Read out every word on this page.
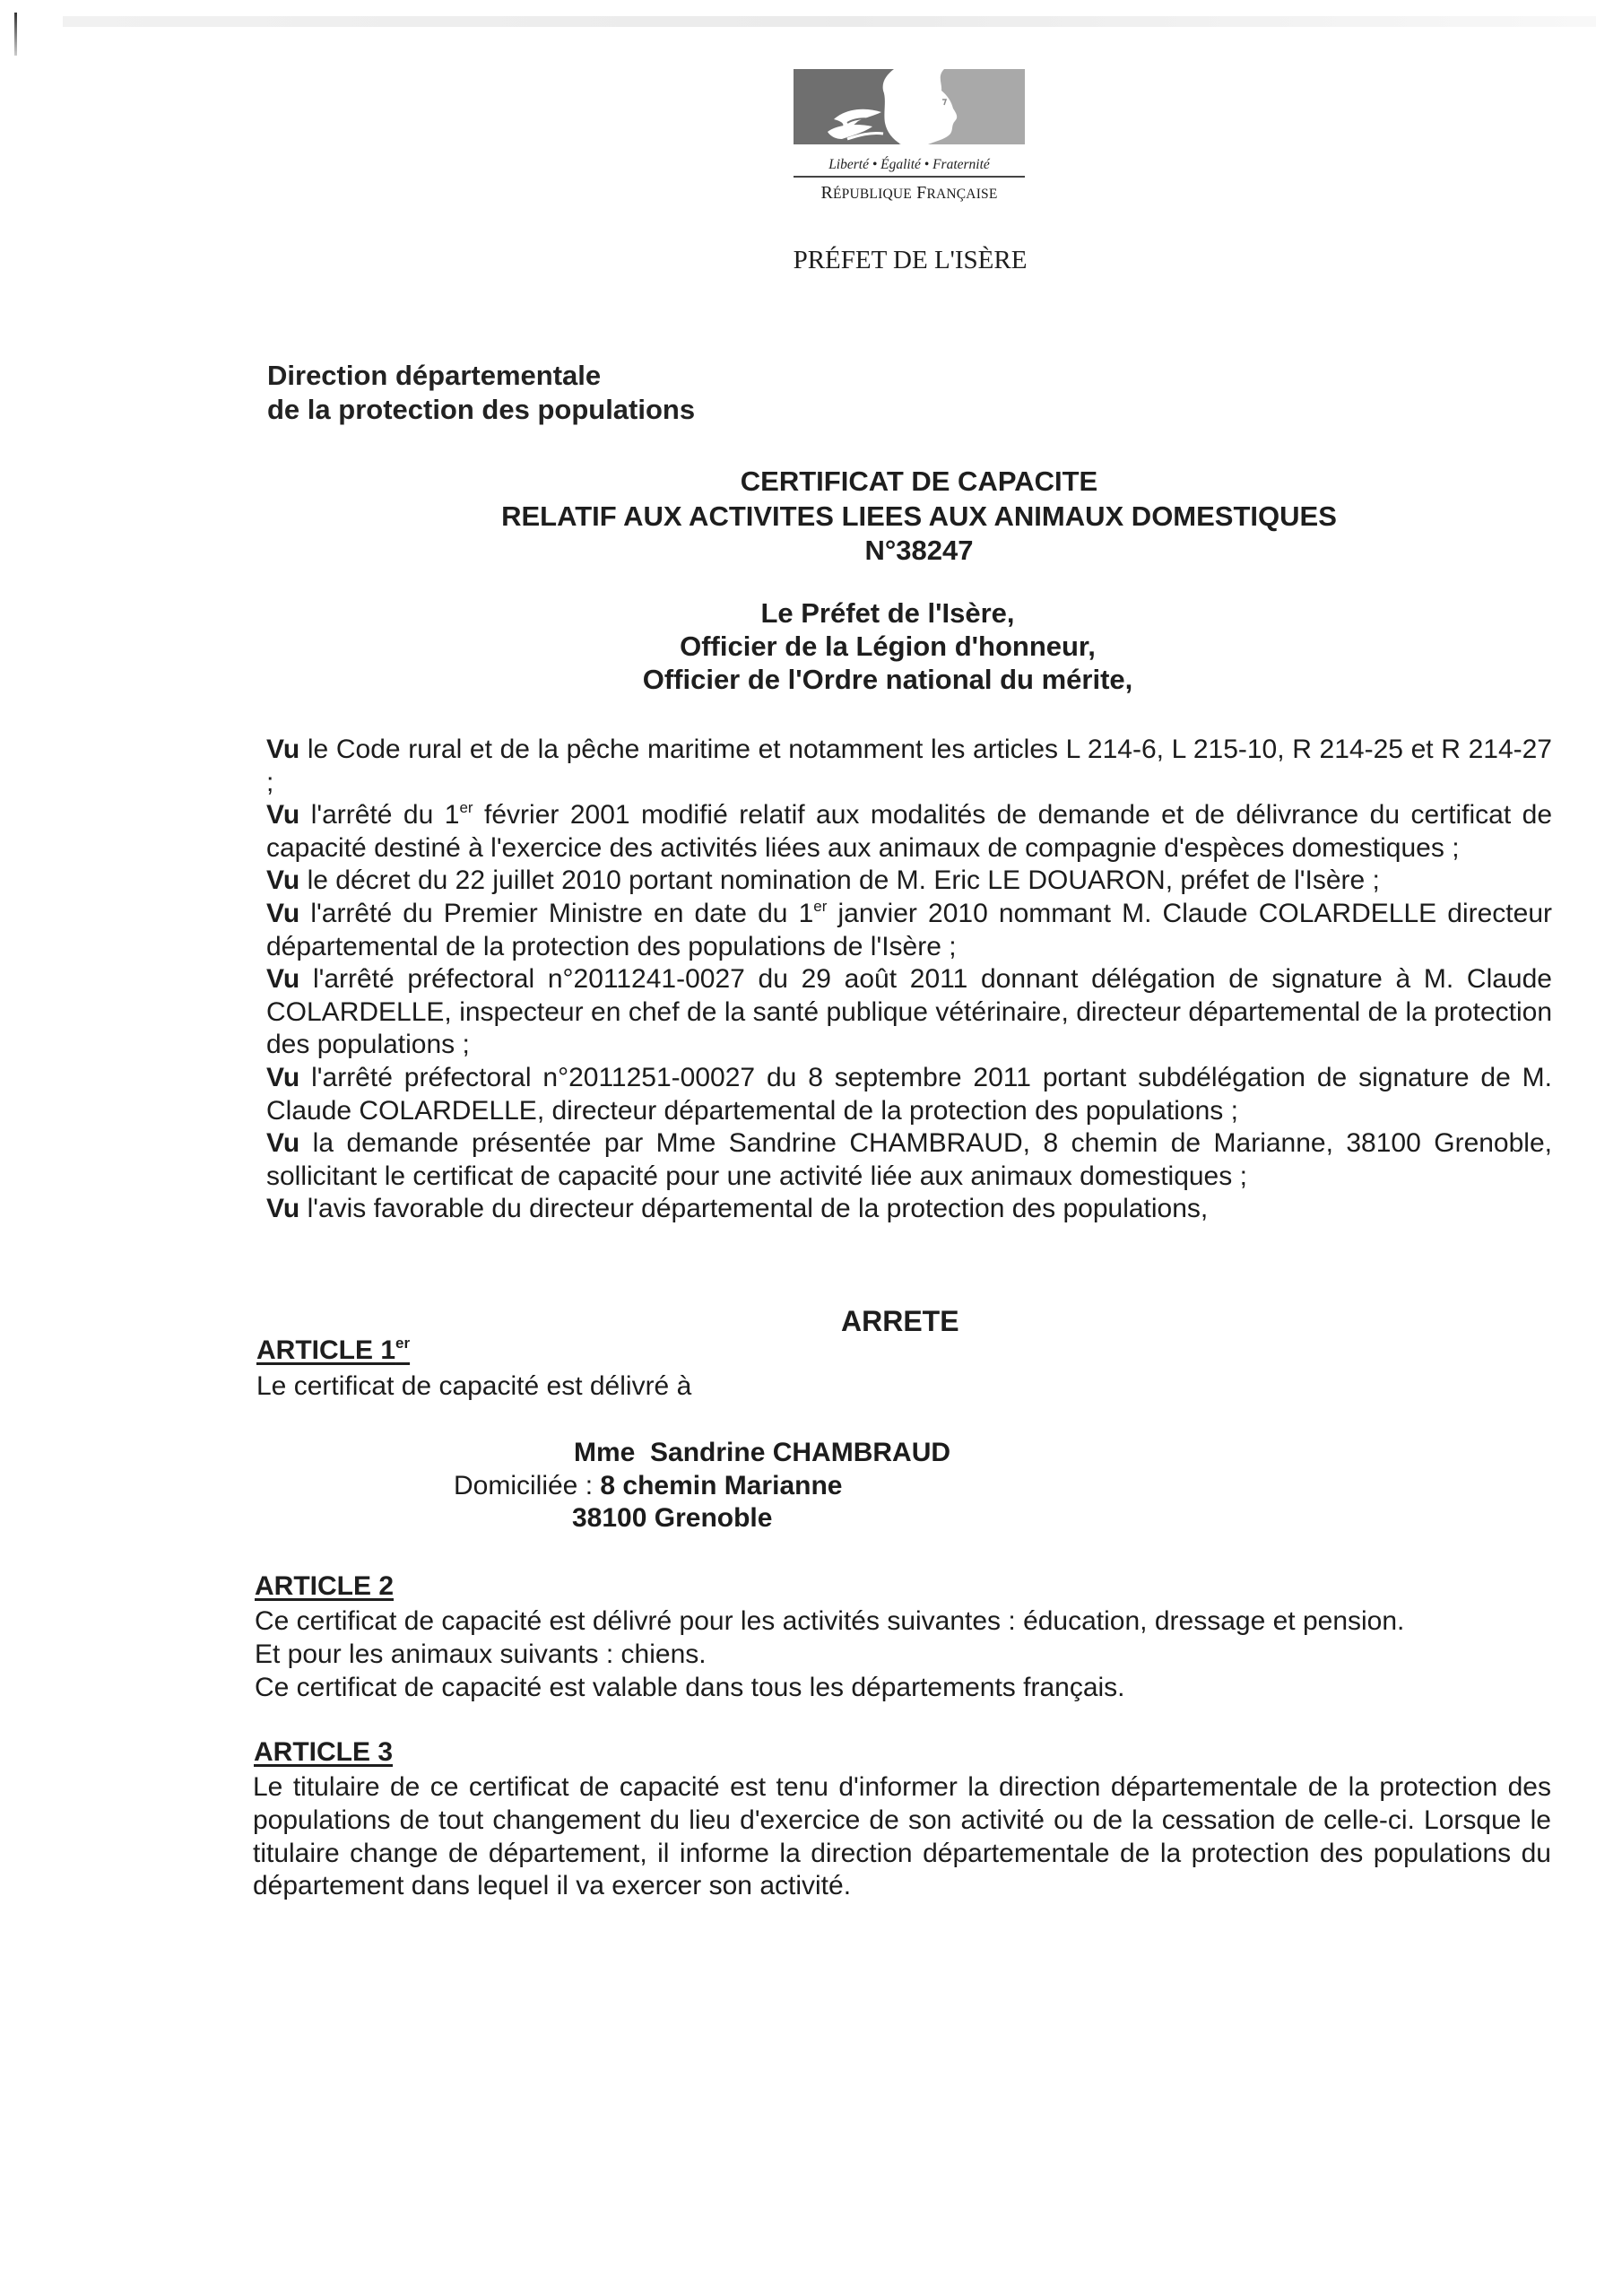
Liberté • Égalité • Fraternité
RÉPUBLIQUE FRANÇAISE
PRÉFET DE L'ISÈRE
Direction départementale
de la protection des populations
CERTIFICAT DE CAPACITE
RELATIF AUX ACTIVITES LIEES AUX ANIMAUX DOMESTIQUES
N°38247
Le Préfet de l'Isère,
Officier de la Légion d'honneur,
Officier de l'Ordre national du mérite,

Vu le Code rural et de la pêche maritime et notamment les articles L 214-6, L 215-10, R 214-25 et R 214-27 ;

Vu l'arrêté du 1er février 2001 modifié relatif aux modalités de demande et de délivrance du certificat de capacité destiné à l'exercice des activités liées aux animaux de compagnie d'espèces domestiques ;

Vu le décret du 22 juillet 2010 portant nomination de M. Eric LE DOUARON, préfet de l'Isère ;

Vu l'arrêté du Premier Ministre en date du 1er janvier 2010 nommant M. Claude COLARDELLE directeur départemental de la protection des populations de l'Isère ;

Vu l'arrêté préfectoral n°2011241-0027 du 29 août 2011 donnant délégation de signature à M. Claude COLARDELLE, inspecteur en chef de la santé publique vétérinaire, directeur départemental de la protection des populations ;

Vu l'arrêté préfectoral n°2011251-00027 du 8 septembre 2011 portant subdélégation de signature de M. Claude COLARDELLE, directeur départemental de la protection des populations ;

Vu la demande présentée par Mme Sandrine CHAMBRAUD, 8 chemin de Marianne, 38100 Grenoble, sollicitant le certificat de capacité pour une activité liée aux animaux domestiques ;

Vu l'avis favorable du directeur départemental de la protection des populations,

ARRETE
ARTICLE 1er
Le certificat de capacité est délivré à
Mme  Sandrine CHAMBRAUD
Domiciliée : 8 chemin Marianne
38100 Grenoble
ARTICLE 2
Ce certificat de capacité est délivré pour les activités suivantes : éducation, dressage et pension.
Et pour les animaux suivants : chiens.
Ce certificat de capacité est valable dans tous les départements français.
ARTICLE 3
Le titulaire de ce certificat de capacité est tenu d'informer la direction départementale de la protection des populations de tout changement du lieu d'exercice de son activité ou de la cessation de celle-ci. Lorsque le titulaire change de département, il informe la direction départementale de la protection des populations du département dans lequel il va exercer son activité.
